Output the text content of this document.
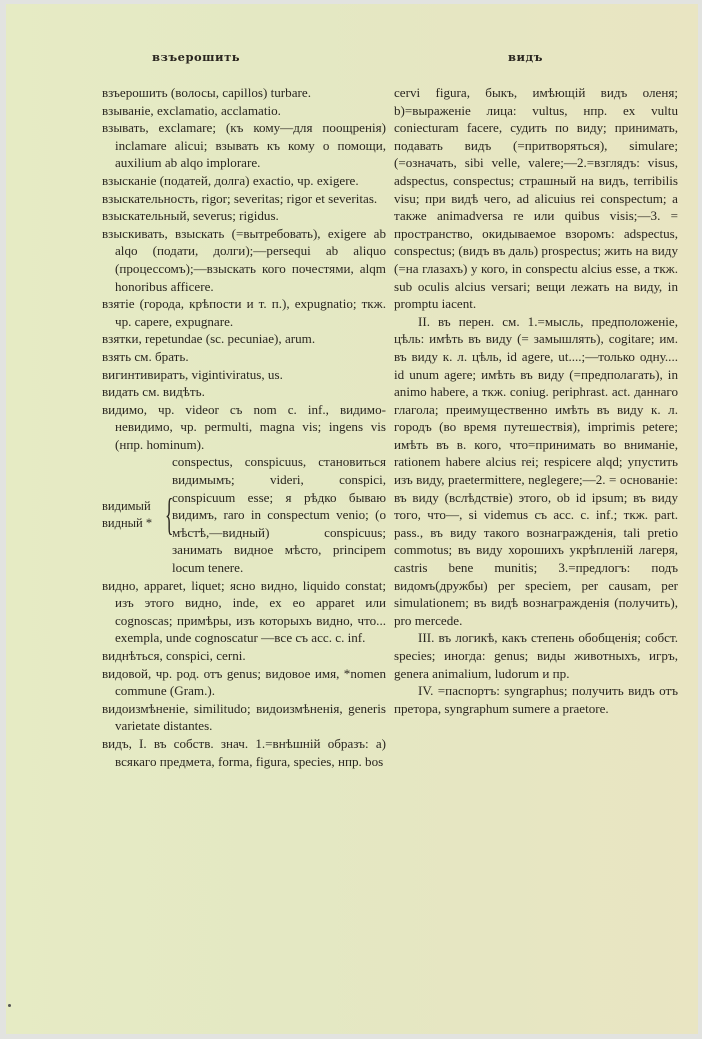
взъерошить	видъ
взъерошить (волосы, capillos) turbare.
взываніе, exclamatio, acclamatio.
взывать, exclamare; (къ кому—для поощренія) inclamare alicui; взывать къ кому о помощи, auxilium ab alqo implorare.
взысканіе (податей, долга) exactio, чр. exigere.
взыскательность, rigor; severitas; rigor et severitas.
взыскательный, severus; rigidus.
взыскивать, взыскать (=вытребовать), exigere ab alqo (подати, долги);—persequi ab aliquo (процессомъ);—взыскать кого почестями, alqm honoribus afficere.
взятіе (города, крѣпости и т. п.), expugnatio; ткж. чр. capere, expugnare.
взятки, repetundae (sc. pecuniae), arum.
взять см. брать.
вигинтивиратъ, vigintiviratus, us.
видать см. видѣть.
видимо, чр. videor съ nom c. inf., видимо-невидимо, чр. permulti, magna vis; ingens vis (нпр. hominum).
видимый
видный * {
conspectus, conspicuus, становиться видимымъ; videri, conspici, conspicuum esse; я рѣдко бываю видимъ, raro in conspectum venio; (о мѣстѣ,—видный) conspicuus; занимать видное мѣсто, principem locum tenere.
видно, apparet, liquet; ясно видно, liquido constat; изъ этого видно, inde, ex eo apparet или cognoscas; примѣры, изъ которыхъ видно, что... exempla, unde cognoscatur —все съ acc. c. inf.
виднѣться, conspici, cerni.
видовой, чр. род. отъ genus; видовое имя, *nomen commune (Gram.).
видоизмѣненіе, similitudo; видоизмѣненія, generis varietate distantes.
видъ, I. въ собств. знач. 1.=внѣшній образъ: a) всякаго предмета, forma, figura, species, нпр. bos
cervi figura, быкъ, имѣющій видъ оленя; b)=выраженіе лица: vultus, нпр. ex vultu coniecturam facere, судить по виду; принимать, подавать видъ (=притворяться), simulare; (=означать, sibi velle, valere;—2.=взглядъ: visus, adspectus, conspectus; страшный на видъ, terribilis visu; при видѣ чего, ad alicuius rei conspectum; а также animadversa re или quibus visis;—3. = пространство, окидываемое взоромъ: adspectus, conspectus; (видъ въ даль) prospectus; жить на виду (=на глазахъ) у кого, in conspectu alcius esse, а ткж. sub oculis alcius versari; вещи лежать на виду, in promptu iacent.
II. въ перен. см. 1.=мысль, предположеніе, цѣль: имѣть въ виду (= замышлять), cogitare; им. въ виду к. л. цѣль, id agere, ut....;—только одну.... id unum agere; имѣть въ виду (=предполагать), in animo habere, а ткж. coniug. periphrast. act. даннаго глагола; преимущественно имѣть въ виду к. л. городъ (во время путешествія), imprimis petere; имѣть въ в. кого, что=принимать во вниманіе, rationem habere alcius rei; respicere alqd; упустить изъ виду, praetermittere, neglegere;—2. = основаніе: въ виду (вслѣдствіе) этого, ob id ipsum; въ виду того, что—, si videmus съ acc. c. inf.; ткж. part. pass., въ виду такого вознагражденія, tali pretio commotus; въ виду хорошихъ укрѣпленій лагеря, castris bene munitis; 3.=предлогъ: подъ видомъ(дружбы) per speciem, per causam, per simulationem; въ видѣ вознагражденія (получить), pro mercede.
III. въ логикѣ, какъ степень обобщенія; собст. species; иногда: genus; виды животныхъ, игръ, genera animalium, ludorum и пр.
IV. =паспортъ: syngraphus; получить видъ отъ претора, syngraphum sumere a praetore.
